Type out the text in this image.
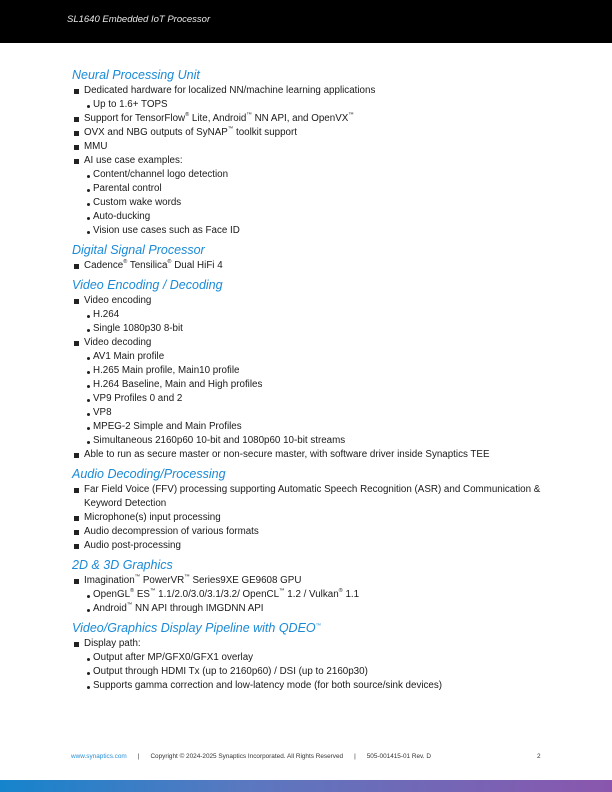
SL1640 Embedded IoT Processor
Neural Processing Unit
Dedicated hardware for localized NN/machine learning applications
Up to 1.6+ TOPS
Support for TensorFlow® Lite, Android™ NN API, and OpenVX™
OVX and NBG outputs of SyNAP™ toolkit support
MMU
AI use case examples:
Content/channel logo detection
Parental control
Custom wake words
Auto-ducking
Vision use cases such as Face ID
Digital Signal Processor
Cadence® Tensilica® Dual HiFi 4
Video Encoding / Decoding
Video encoding
H.264
Single 1080p30 8-bit
Video decoding
AV1 Main profile
H.265 Main profile, Main10 profile
H.264 Baseline, Main and High profiles
VP9 Profiles 0 and 2
VP8
MPEG-2 Simple and Main Profiles
Simultaneous 2160p60 10-bit and 1080p60 10-bit streams
Able to run as secure master or non-secure master, with software driver inside Synaptics TEE
Audio Decoding/Processing
Far Field Voice (FFV) processing supporting Automatic Speech Recognition (ASR) and Communication & Keyword Detection
Microphone(s) input processing
Audio decompression of various formats
Audio post-processing
2D & 3D Graphics
Imagination™ PowerVR™ Series9XE GE9608 GPU
OpenGL® ES™ 1.1/2.0/3.0/3.1/3.2/ OpenCL™ 1.2 / Vulkan® 1.1
Android™ NN API through IMGDNN API
Video/Graphics Display Pipeline with QDEO™
Display path:
Output after MP/GFX0/GFX1 overlay
Output through HDMI Tx (up to 2160p60) / DSI (up to 2160p30)
Supports gamma correction and low-latency mode (for both source/sink devices)
www.synaptics.com | Copyright © 2024-2025 Synaptics Incorporated. All Rights Reserved | 505-001415-01 Rev. D	2
